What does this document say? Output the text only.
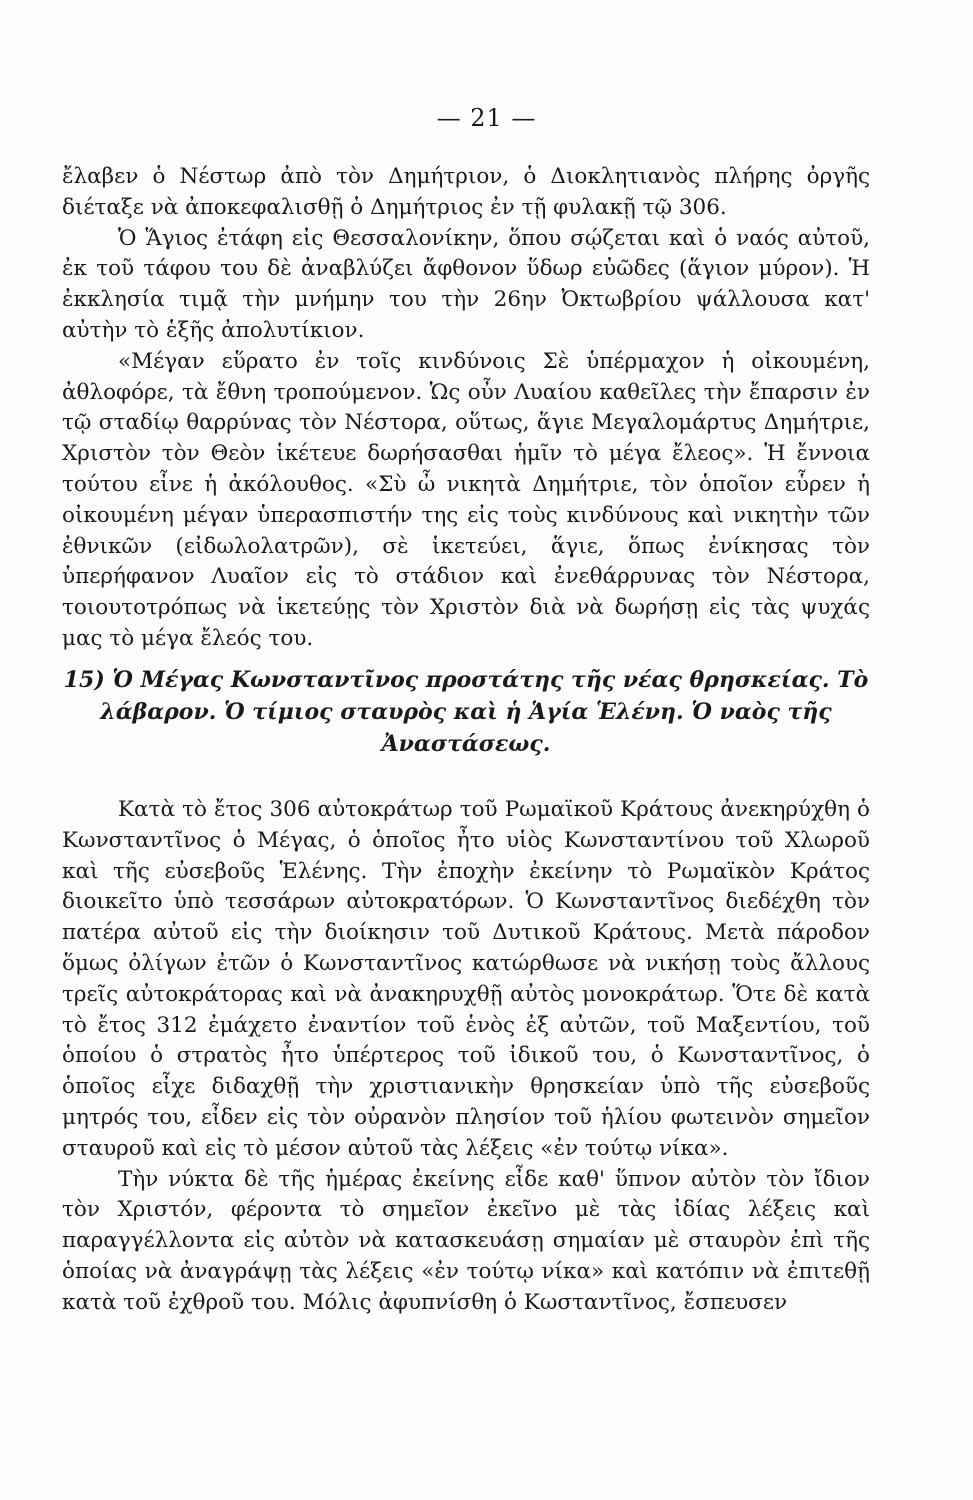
— 21 —

ἔλαβεν ὁ Νέστωρ ἀπὸ τὸν Δημήτριον, ὁ Διοκλητιανὸς πλήρης ὀργῆς διέταξε νὰ ἀποκεφαλισθῇ ὁ Δημήτριος ἐν τῇ φυλακῇ τῷ 306.

Ὁ Ἅγιος ἐτάφη εἰς Θεσσαλονίκην, ὅπου σῴζεται καὶ ὁ ναός αὐτοῦ, ἐκ τοῦ τάφου του δὲ ἀναβλύζει ἄφθονον ὕδωρ εὐῶδες (ἅγιον μύρον). Ἡ ἐκκλησία τιμᾷ τὴν μνήμην του τὴν 26ην Ὀκτωβρίου ψάλλουσα κατ' αὐτὴν τὸ ἑξῆς ἀπολυτίκιον.

«Μέγαν εὕρατο ἐν τοῖς κινδύνοις Σὲ ὑπέρμαχον ἡ οἰκουμένη, ἀθλοφόρε, τὰ ἔθνη τροπούμενον. Ὡς οὖν Λυαίου καθεῖλες τὴν ἔπαρσιν ἐν τῷ σταδίῳ θαρρύνας τὸν Νέστορα, οὕτως, ἅγιε Μεγαλομάρτυς Δημήτριε, Χριστὸν τὸν Θεὸν ἱκέτευε δωρήσασθαι ἡμῖν τὸ μέγα ἔλεος». Ἡ ἔννοια τούτου εἶνε ἡ ἀκόλουθος. «Σὺ ὦ νικητὰ Δημήτριε, τὸν ὁποῖον εὗρεν ἡ οἰκουμένη μέγαν ὑπερασπιστήν της εἰς τοὺς κινδύνους καὶ νικητὴν τῶν ἐθνικῶν (εἰδωλολατρῶν), σὲ ἱκετεύει, ἅγιε, ὅπως ἐνίκησας τὸν ὑπερήφανον Λυαῖον εἰς τὸ στάδιον καὶ ἐνεθάρρυνας τὸν Νέστορα, τοιουτοτρόπως νὰ ἱκετεύῃς τὸν Χριστὸν διὰ νὰ δωρήσῃ εἰς τὰς ψυχάς μας τὸ μέγα ἔλεός του.

15) Ὁ Μέγας Κωνσταντῖνος προστάτης τῆς νέας θρησκείας. Τὸ λάβαρον. Ὁ τίμιος σταυρὸς καὶ ἡ Ἁγία Ἑλένη. Ὁ ναὸς τῆς Ἀναστάσεως.

Κατὰ τὸ ἔτος 306 αὐτοκράτωρ τοῦ Ρωμαϊκοῦ Κράτους ἀνεκηρύχθη ὁ Κωνσταντῖνος ὁ Μέγας, ὁ ὁποῖος ἦτο υἱὸς Κωνσταντίνου τοῦ Χλωροῦ καὶ τῆς εὐσεβοῦς Ἑλένης. Τὴν ἐποχὴν ἐκείνην τὸ Ρωμαϊκὸν Κράτος διοικεῖτο ὑπὸ τεσσάρων αὐτοκρατόρων. Ὁ Κωνσταντῖνος διεδέχθη τὸν πατέρα αὐτοῦ εἰς τὴν διοίκησιν τοῦ Δυτικοῦ Κράτους. Μετὰ πάροδον ὅμως ὀλίγων ἐτῶν ὁ Κωνσταντῖνος κατώρθωσε νὰ νικήσῃ τοὺς ἄλλους τρεῖς αὐτοκράτορας καὶ νὰ ἀνακηρυχθῇ αὐτὸς μονοκράτωρ. Ὅτε δὲ κατὰ τὸ ἔτος 312 ἐμάχετο ἐναντίον τοῦ ἑνὸς ἐξ αὐτῶν, τοῦ Μαξεντίου, τοῦ ὁποίου ὁ στρατὸς ἦτο ὑπέρτερος τοῦ ἰδικοῦ του, ὁ Κωνσταντῖνος, ὁ ὁποῖος εἶχε διδαχθῇ τὴν χριστιανικὴν θρησκείαν ὑπὸ τῆς εὐσεβοῦς μητρός του, εἶδεν εἰς τὸν οὐρανὸν πλησίον τοῦ ἡλίου φωτεινὸν σημεῖον σταυροῦ καὶ εἰς τὸ μέσον αὐτοῦ τὰς λέξεις «ἐν τούτῳ νίκα».

Τὴν νύκτα δὲ τῆς ἡμέρας ἐκείνης εἶδε καθ' ὕπνον αὐτὸν τὸν ἴδιον τὸν Χριστόν, φέροντα τὸ σημεῖον ἐκεῖνο μὲ τὰς ἰδίας λέξεις καὶ παραγγέλλοντα εἰς αὐτὸν νὰ κατασκευάσῃ σημαίαν μὲ σταυρὸν ἐπὶ τῆς ὁποίας νὰ ἀναγράψῃ τὰς λέξεις «ἐν τούτῳ νίκα» καὶ κατόπιν νὰ ἐπιτεθῇ κατὰ τοῦ ἐχθροῦ του. Μόλις ἀφυπνίσθη ὁ Κωσταντῖνος, ἔσπευσεν
